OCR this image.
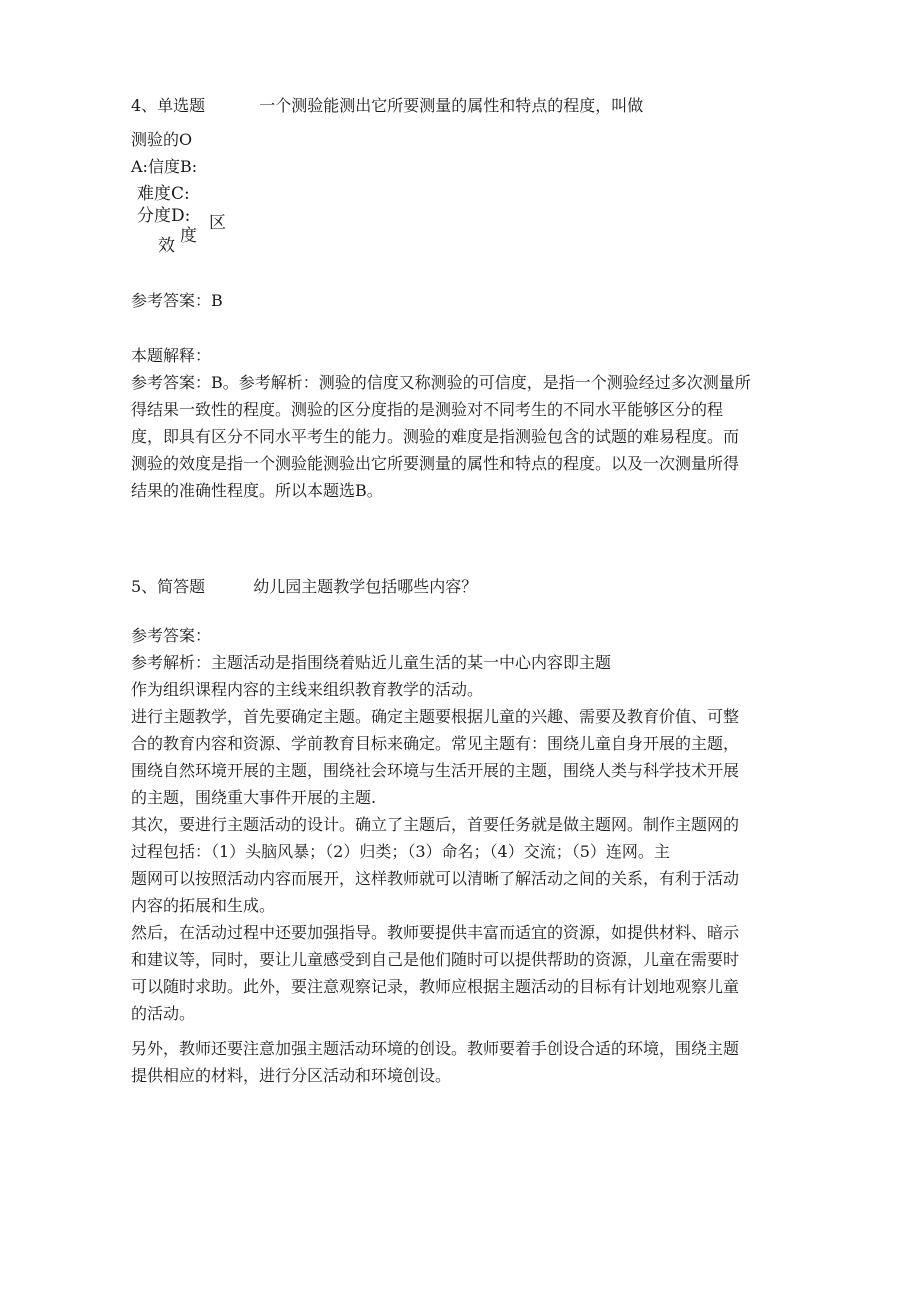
4、单选题	一个测验能测出它所要测量的属性和特点的程度，叫做
测验的O
A:信度B:
难度C:
分度D:
效 度
区
参考答案：B
本题解释：
参考答案：B。参考解析：测验的信度又称测验的可信度，是指一个测验经过多次测量所
得结果一致性的程度。测验的区分度指的是测验对不同考生的不同水平能够区分的程
度，即具有区分不同水平考生的能力。测验的难度是指测验包含的试题的难易程度。而
测验的效度是指一个测验能测验出它所要测量的属性和特点的程度。以及一次测量所得
结果的准确性程度。所以本题选B。
5、简答题	幼儿园主题教学包括哪些内容？
参考答案：
参考解析：主题活动是指围绕着贴近儿童生活的某一中心内容即主题
作为组织课程内容的主线来组织教育教学的活动。
进行主题教学，首先要确定主题。确定主题要根据儿童的兴趣、需要及教育价值、可整
合的教育内容和资源、学前教育目标来确定。常见主题有：围绕儿童自身开展的主题，
围绕自然环境开展的主题，围绕社会环境与生活开展的主题，围绕人类与科学技术开展
的主题，围绕重大事件开展的主题.
其次，要进行主题活动的设计。确立了主题后，首要任务就是做主题网。制作主题网的
过程包括：（1）头脑风暴；（2）归类；（3）命名；（4）交流；（5）连网。主
题网可以按照活动内容而展开，这样教师就可以清晰了解活动之间的关系，有利于活动
内容的拓展和生成。
然后，在活动过程中还要加强指导。教师要提供丰富而适宜的资源，如提供材料、暗示
和建议等，同时，要让儿童感受到自己是他们随时可以提供帮助的资源，儿童在需要时
可以随时求助。此外，要注意观察记录，教师应根据主题活动的目标有计划地观察儿童
的活动。
另外，教师还要注意加强主题活动环境的创设。教师要着手创设合适的环境，围绕主题
提供相应的材料，进行分区活动和环境创设。
